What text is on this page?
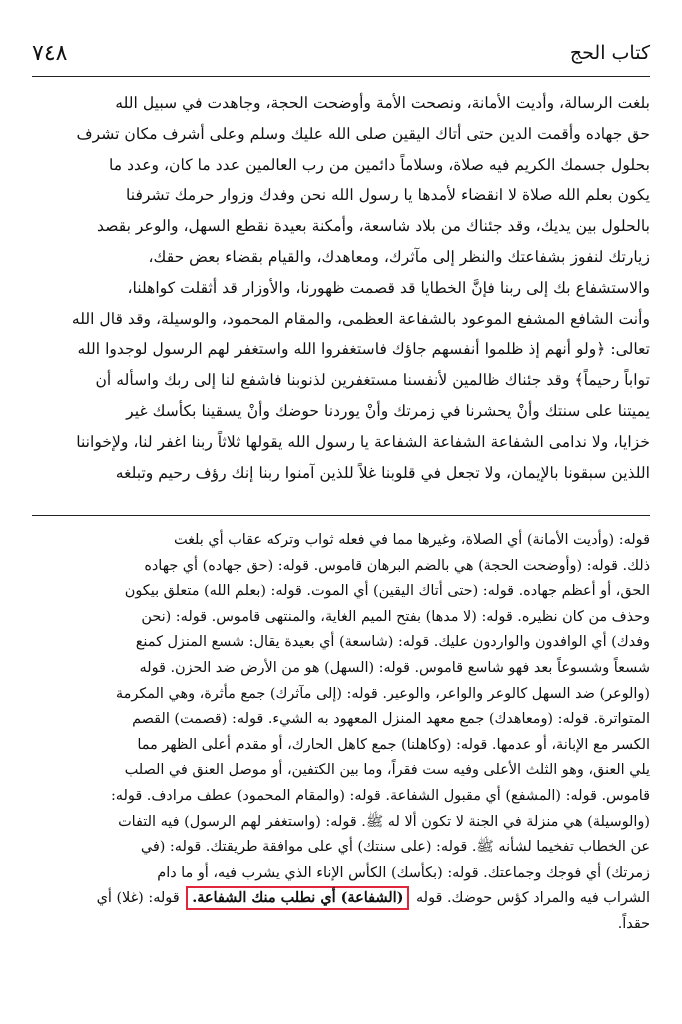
٧٤٨	كتاب الحج
بلغت الرسالة، وأديت الأمانة، ونصحت الأمة وأوضحت الحجة، وجاهدت في سبيل الله
حق جهاده وأقمت الدين حتى أتاك اليقين صلى الله عليك وسلم وعلى أشرف مكان تشرف
بحلول جسمك الكريم فيه صلاة، وسلاماً دائمين من رب العالمين عدد ما كان، وعدد ما
يكون بعلم الله صلاة لا انقضاء لأمدها يا رسول الله نحن وفدك وزوار حرمك تشرفنا
بالحلول بين يديك، وقد جئناك من بلاد شاسعة، وأمكنة بعيدة نقطع السهل، والوعر بقصد
زيارتك لنفوز بشفاعتك والنظر إلى مآثرك، ومعاهدك، والقيام بقضاء بعض حقك،
والاستشفاع بك إلى ربنا فإنَّ الخطايا قد قصمت ظهورنا، والأوزار قد أثقلت كواهلنا،
وأنت الشافع المشفع الموعود بالشفاعة العظمى، والمقام المحمود، والوسيلة، وقد قال الله
تعالى: ﴿ولو أنهم إذ ظلموا أنفسهم جاؤك فاستغفروا الله واستغفر لهم الرسول لوجدوا الله
تواباً رحيماً﴾ وقد جئناك ظالمين لأنفسنا مستغفرين لذنوبنا فاشفع لنا إلى ربك واسأله أن
يميتنا على سنتك وأنْ يحشرنا في زمرتك وأنْ يوردنا حوضك وأنْ يسقينا بكأسك غير
خزايا، ولا ندامى الشفاعة الشفاعة الشفاعة يا رسول الله يقولها ثلاثاً ربنا اغفر لنا، ولإخواننا
اللذين سبقونا بالإيمان، ولا تجعل في قلوبنا غلاً للذين آمنوا ربنا إنك رؤف رحيم وتبلغه
قوله: (وأديت الأمانة) أي الصلاة، وغيرها مما في فعله ثواب وتركه عقاب أي بلغت
ذلك. قوله: (وأوضحت الحجة) هي بالضم البرهان قاموس. قوله: (حق جهاده) أي جهاده
الحق، أو أعظم جهاده. قوله: (حتى أتاك اليقين) أي الموت. قوله: (بعلم الله) متعلق بيكون
وحذف من كان نظيره. قوله: (لا مدها) بفتح الميم الغاية، والمنتهى قاموس. قوله: (نحن
وفدك) أي الوافدون والواردون عليك. قوله: (شاسعة) أي بعيدة يقال: شسع المنزل كمنع
شسعاً وشسوعاً بعد فهو شاسع قاموس. قوله: (السهل) هو من الأرض ضد الحزن. قوله
(والوعر) ضد السهل كالوعر والواعر، والوعير. قوله: (إلى مآثرك) جمع مأثرة، وهي المكرمة
المتواترة. قوله: (ومعاهدك) جمع معهد المنزل المعهود به الشيء. قوله: (قصمت) القصم
الكسر مع الإبانة، أو عدمها. قوله: (وكاهلنا) جمع كاهل الحارك، أو مقدم أعلى الظهر مما
يلي العنق، وهو الثلث الأعلى وفيه ست فقراً، وما بين الكتفين، أو موصل العنق في الصلب
قاموس. قوله: (المشفع) أي مقبول الشفاعة. قوله: (والمقام المحمود) عطف مرادف. قوله:
(والوسيلة) هي منزلة في الجنة لا تكون ألا له ﷺ. قوله: (واستغفر لهم الرسول) فيه التفات
عن الخطاب تفخيما لشأنه ﷺ. قوله: (على سنتك) أي على موافقة طريقتك. قوله: (في
زمرتك) أي فوجك وجماعتك. قوله: (بكأسك) الكأس الإناء الذي يشرب فيه، أو ما دام
الشراب فيه والمراد كؤس حوضك. قوله (الشفاعة) أي نطلب منك الشفاعة. قوله: (غلا) أي
حقداً.
